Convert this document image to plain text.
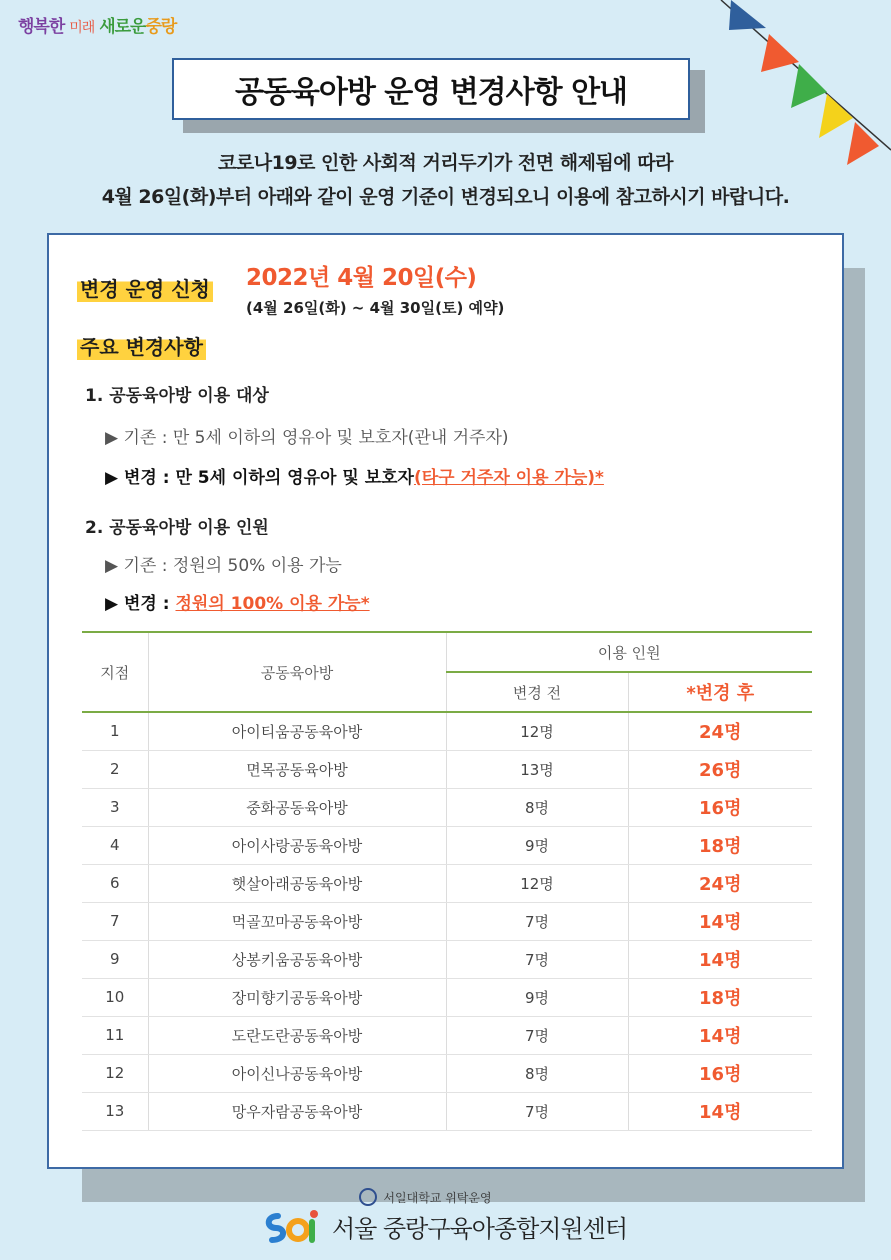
행복한 미래 새로운중랑
공동육아방 운영 변경사항 안내
코로나19로 인한 사회적 거리두기가 전면 해제됨에 따라
4월 26일(화)부터 아래와 같이 운영 기준이 변경되오니 이용에 참고하시기 바랍니다.
변경 운영 신청 2022년 4월 20일(수)
(4월 26일(화) ~ 4월 30일(토) 예약)
주요 변경사항
1. 공동육아방 이용 대상
▶ 기존 : 만 5세 이하의 영유아 및 보호자(관내 거주자)
▶ 변경 : 만 5세 이하의 영유아 및 보호자(타구 거주자 이용 가능)*
2. 공동육아방 이용 인원
▶ 기존 : 정원의 50% 이용 가능
▶ 변경 : 정원의 100% 이용 가능*
지점	공동육아방	이용 인원	
		변경 전	*변경 후
1	아이티움공동육아방	12명	24명
2	면목공동육아방	13명	26명
3	중화공동육아방	8명	16명
4	아이사랑공동육아방	9명	18명
6	햇살아래공동육아방	12명	24명
7	먹골꼬마공동육아방	7명	14명
9	상봉키움공동육아방	7명	14명
10	장미향기공동육아방	9명	18명
11	도란도란공동육아방	7명	14명
12	아이신나공동육아방	8명	16명
13	망우자람공동육아방	7명	14명
서일대학교 위탁운영
서울 중랑구육아종합지원센터
